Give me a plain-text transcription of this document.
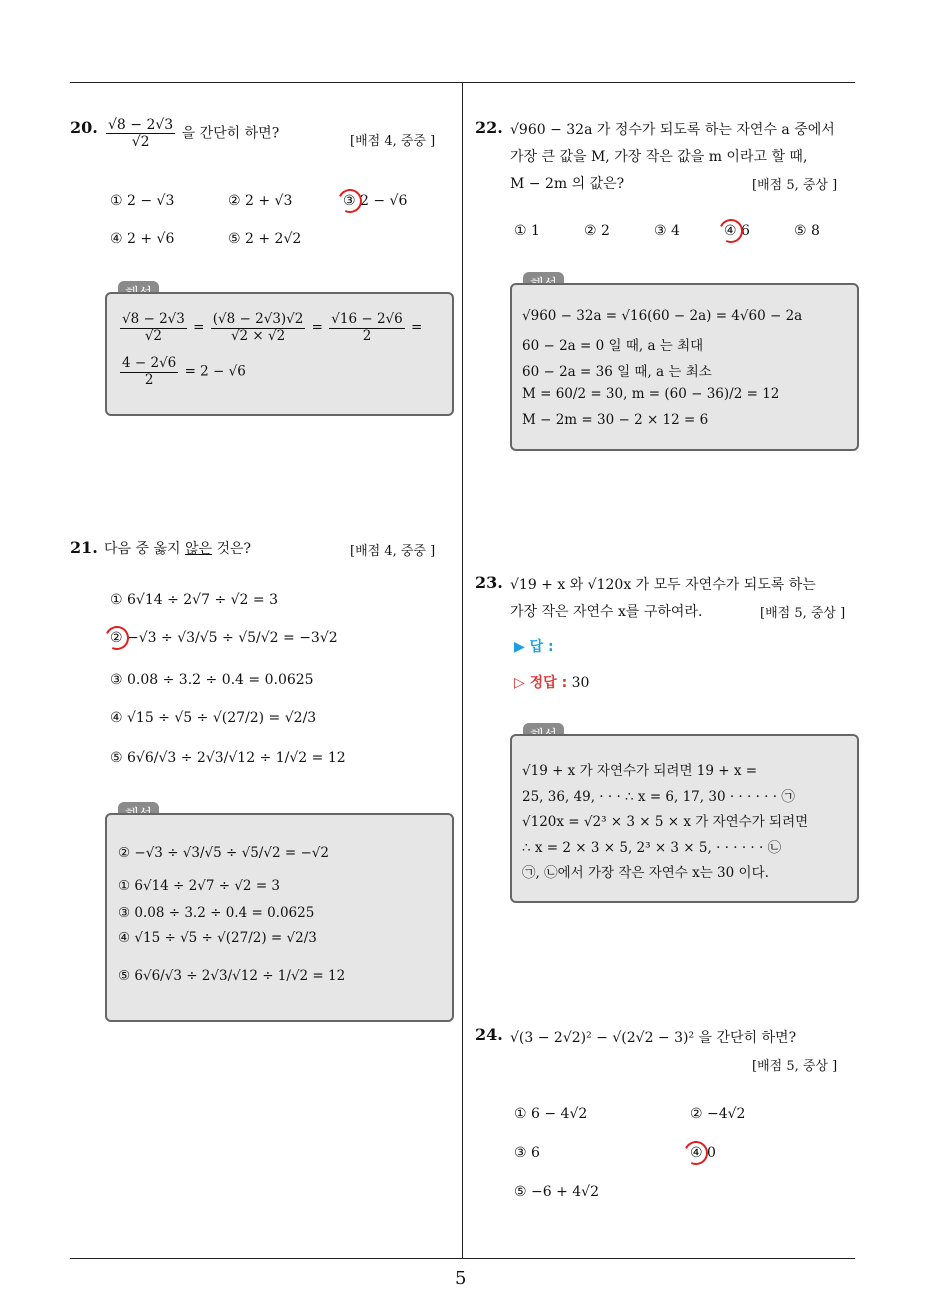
20. $\frac{√8 - 2√3}{√2}$ 을 간단히 하면?	[배점 4, 중중 ]
① 2 − √3	② 2 + √3	③ 2 − √6
④ 2 + √6	⑤ 2 + 2√2
$\frac{√8 - 2√3}{√2} = \frac{(√8 - 2√3)√2}{√2 \times √2} = \frac{√16 - 2√6}{2}$ =
$\frac{4 - 2√6}{2} = 2 - √6$
21. 다음 중 옳지 않은 것은?	[배점 4, 중중 ]
① 6√14 ÷ 2√7 ÷ √2 = 3
② −√3 ÷ √3/√5 ÷ √5/√2 = −3√2
③ 0.08 ÷ 3.2 ÷ 0.4 = 0.0625
④ √15 ÷ √5 ÷ √(27/2) = √2/3
⑤ 6√6/√3 ÷ 2√3/√12 ÷ 1/√2 = 12
② −√3 ÷ √3/√5 ÷ √5/√2 = −√2
① 6√14 ÷ 2√7 ÷ √2 = 3
③ 0.08 ÷ 3.2 ÷ 0.4 = 0.0625
④ √15 ÷ √5 ÷ √(27/2) = √2/3
⑤ 6√6/√3 ÷ 2√3/√12 ÷ 1/√2 = 12
22. √960 − 32a 가 정수가 되도록 하는 자연수 a 중에서
가장 큰 값을 M, 가장 작은 값을 m 이라고 할 때,
M − 2m 의 값은?	[배점 5, 중상 ]
① 1	② 2	③ 4	④ 6	⑤ 8
√960 − 32a = √16(60 − 2a) = 4√60 − 2a
60 − 2a = 0 일 때, a 는 최대
60 − 2a = 36 일 때, a 는 최소
M = 60/2 = 30, m = (60 − 36)/2 = 12
M − 2m = 30 − 2 × 12 = 6
23. √19 + x 와 √120x 가 모두 자연수가 되도록 하는
가장 작은 자연수 x를 구하여라.	[배점 5, 중상 ]
▶ 답 :
▷ 정답 : 30
√19 + x 가 자연수가 되려면 19 + x =
25, 36, 49, · · · ∴ x = 6, 17, 30 · · · · · · ㉠
√120x = √2³ × 3 × 5 × x 가 자연수가 되려면
∴ x = 2 × 3 × 5, 2³ × 3 × 5, · · · · · · ㉡
㉠, ㉡에서 가장 작은 자연수 x는 30 이다.
24. √(3 − 2√2)² − √(2√2 − 3)² 을 간단히 하면?
[배점 5, 중상 ]
① 6 − 4√2	② −4√2
③ 6	④ 0
⑤ −6 + 4√2
5
